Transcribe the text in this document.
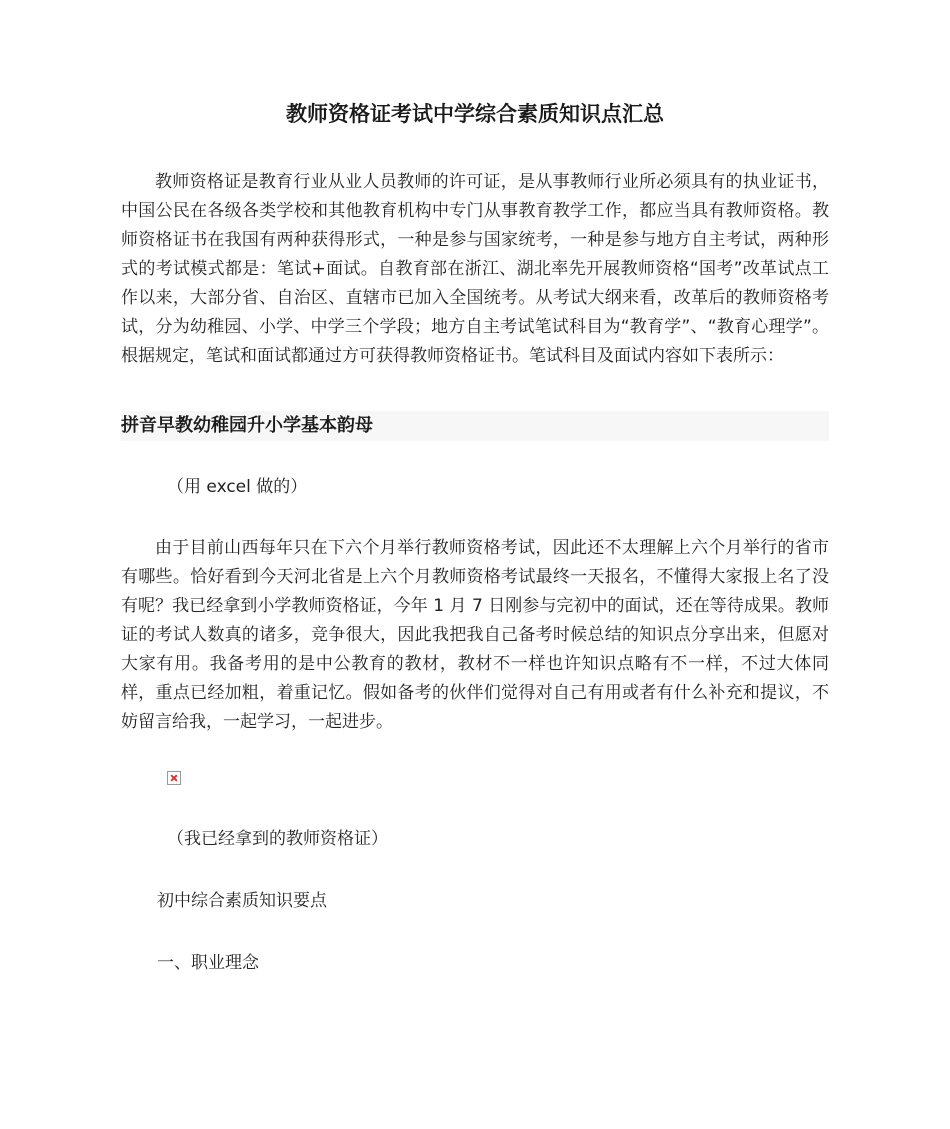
教师资格证考试中学综合素质知识点汇总

教师资格证是教育行业从业人员教师的许可证，是从事教师行业所必须具有的执业证书，中国公民在各级各类学校和其他教育机构中专门从事教育教学工作，都应当具有教师资格。教师资格证书在我国有两种获得形式，一种是参与国家统考，一种是参与地方自主考试，两种形式的考试模式都是：笔试+面试。自教育部在浙江、湖北率先开展教师资格“国考”改革试点工作以来，大部分省、自治区、直辖市已加入全国统考。从考试大纲来看，改革后的教师资格考试，分为幼稚园、小学、中学三个学段；地方自主考试笔试科目为“教育学”、“教育心理学”。根据规定，笔试和面试都通过方可获得教师资格证书。笔试科目及面试内容如下表所示：

拼音早教幼稚园升小学基本韵母

（用 excel 做的）

由于目前山西每年只在下六个月举行教师资格考试，因此还不太理解上六个月举行的省市有哪些。恰好看到今天河北省是上六个月教师资格考试最终一天报名，不懂得大家报上名了没有呢？我已经拿到小学教师资格证，今年 1 月 7 日刚参与完初中的面试，还在等待成果。教师证的考试人数真的诸多，竞争很大，因此我把我自己备考时候总结的知识点分享出来，但愿对大家有用。我备考用的是中公教育的教材，教材不一样也许知识点略有不一样，不过大体同样，重点已经加粗，着重记忆。假如备考的伙伴们觉得对自己有用或者有什么补充和提议，不妨留言给我，一起学习，一起进步。

（我已经拿到的教师资格证）

初中综合素质知识要点

一、职业理念
